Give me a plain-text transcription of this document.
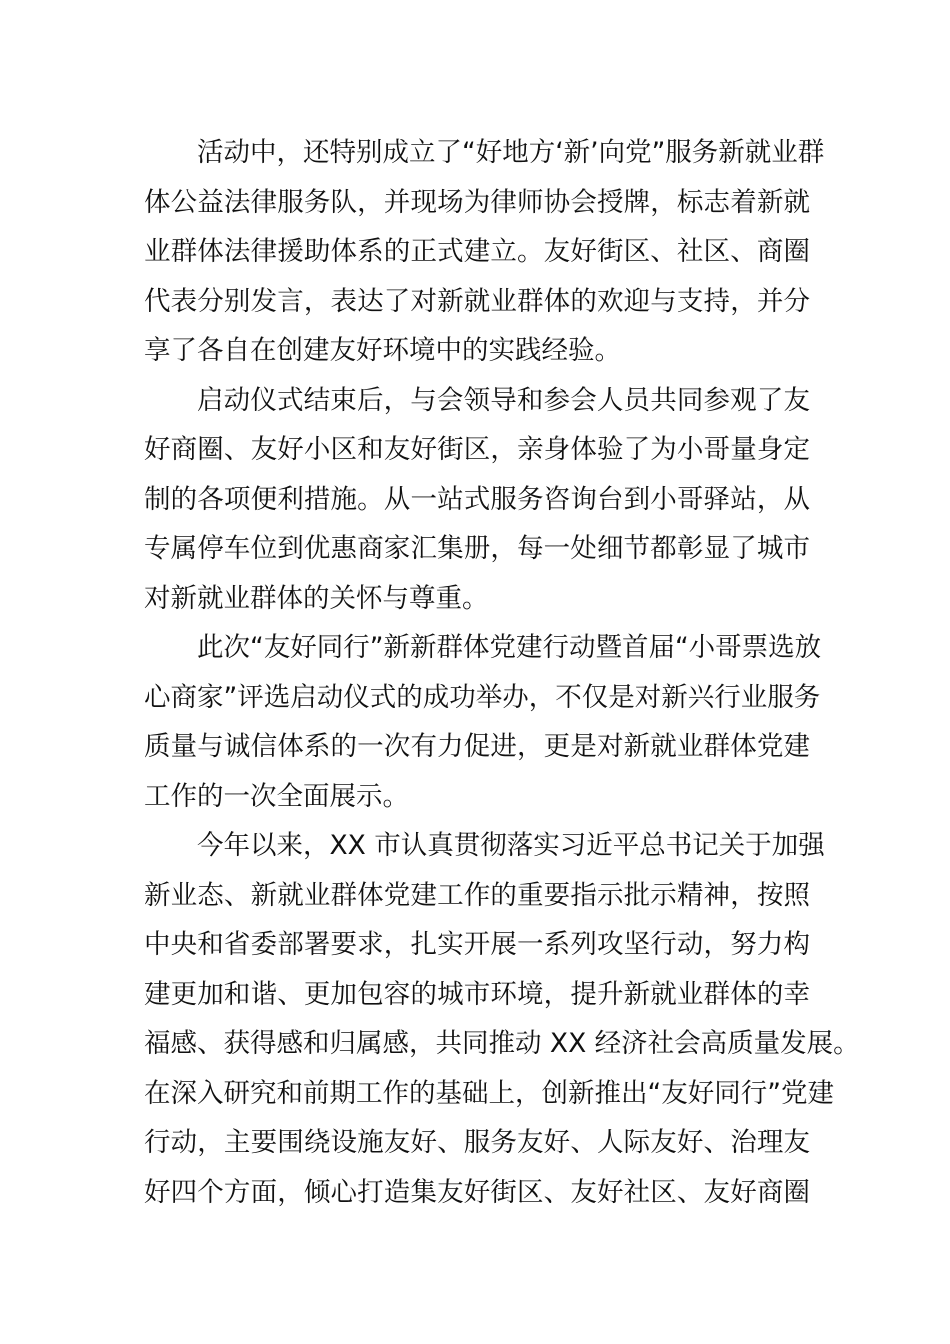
活动中，还特别成立了“好地方‘新’向党”服务新就业群
体公益法律服务队，并现场为律师协会授牌，标志着新就
业群体法律援助体系的正式建立。友好街区、社区、商圈
代表分别发言，表达了对新就业群体的欢迎与支持，并分
享了各自在创建友好环境中的实践经验。
启动仪式结束后，与会领导和参会人员共同参观了友
好商圈、友好小区和友好街区，亲身体验了为小哥量身定
制的各项便利措施。从一站式服务咨询台到小哥驿站，从
专属停车位到优惠商家汇集册，每一处细节都彰显了城市
对新就业群体的关怀与尊重。
此次“友好同行”新新群体党建行动暨首届“小哥票选放
心商家”评选启动仪式的成功举办，不仅是对新兴行业服务
质量与诚信体系的一次有力促进，更是对新就业群体党建
工作的一次全面展示。
今年以来，XX 市认真贯彻落实习近平总书记关于加强
新业态、新就业群体党建工作的重要指示批示精神，按照
中央和省委部署要求，扎实开展一系列攻坚行动，努力构
建更加和谐、更加包容的城市环境，提升新就业群体的幸
福感、获得感和归属感，共同推动 XX 经济社会高质量发展。
在深入研究和前期工作的基础上，创新推出“友好同行”党建
行动，主要围绕设施友好、服务友好、人际友好、治理友
好四个方面，倾心打造集友好街区、友好社区、友好商圈
